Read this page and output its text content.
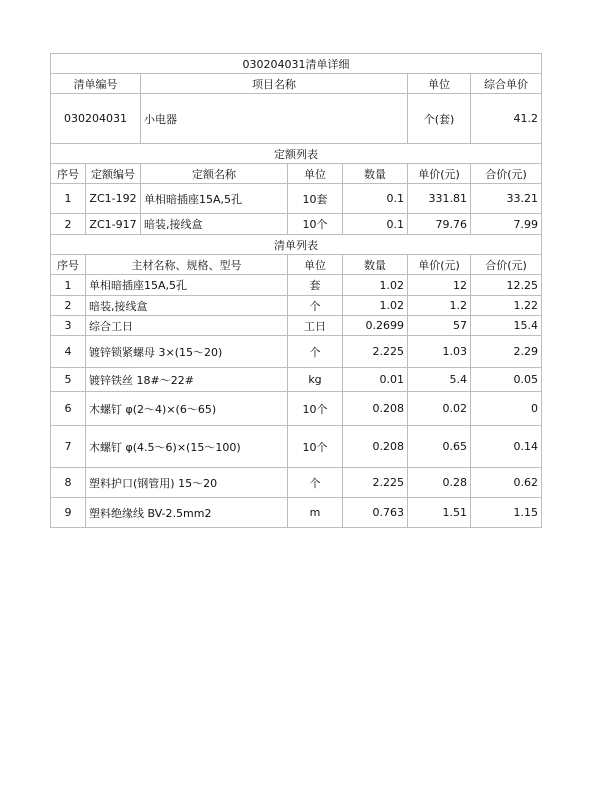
030204031清单详细			
清单编号	项目名称	单位	综合单价
030204031	小电器	个(套)	41.2
定额列表						
序号	定额编号	定额名称	单位	数量	单价(元)	合价(元)
1	ZC1-192	单相暗插座15A,5孔	10套	0.1	331.81	33.21
2	ZC1-917	暗装,接线盒	10个	0.1	79.76	7.99
清单列表					
序号	主材名称、规格、型号	单位	数量	单价(元)	合价(元)
1	单相暗插座15A,5孔	套	1.02	12	12.25
2	暗装,接线盒	个	1.02	1.2	1.22
3	综合工日	工日	0.2699	57	15.4
4	镀锌锁紧螺母 3×(15～20)	个	2.225	1.03	2.29
5	镀锌铁丝 18#～22#	kg	0.01	5.4	0.05
6	木螺钉 φ(2～4)×(6～65)	10个	0.208	0.02	0
7	木螺钉 φ(4.5～6)×(15～100)	10个	0.208	0.65	0.14
8	塑料护口(钢管用) 15～20	个	2.225	0.28	0.62
9	塑料绝缘线 BV-2.5mm2	m	0.763	1.51	1.15
